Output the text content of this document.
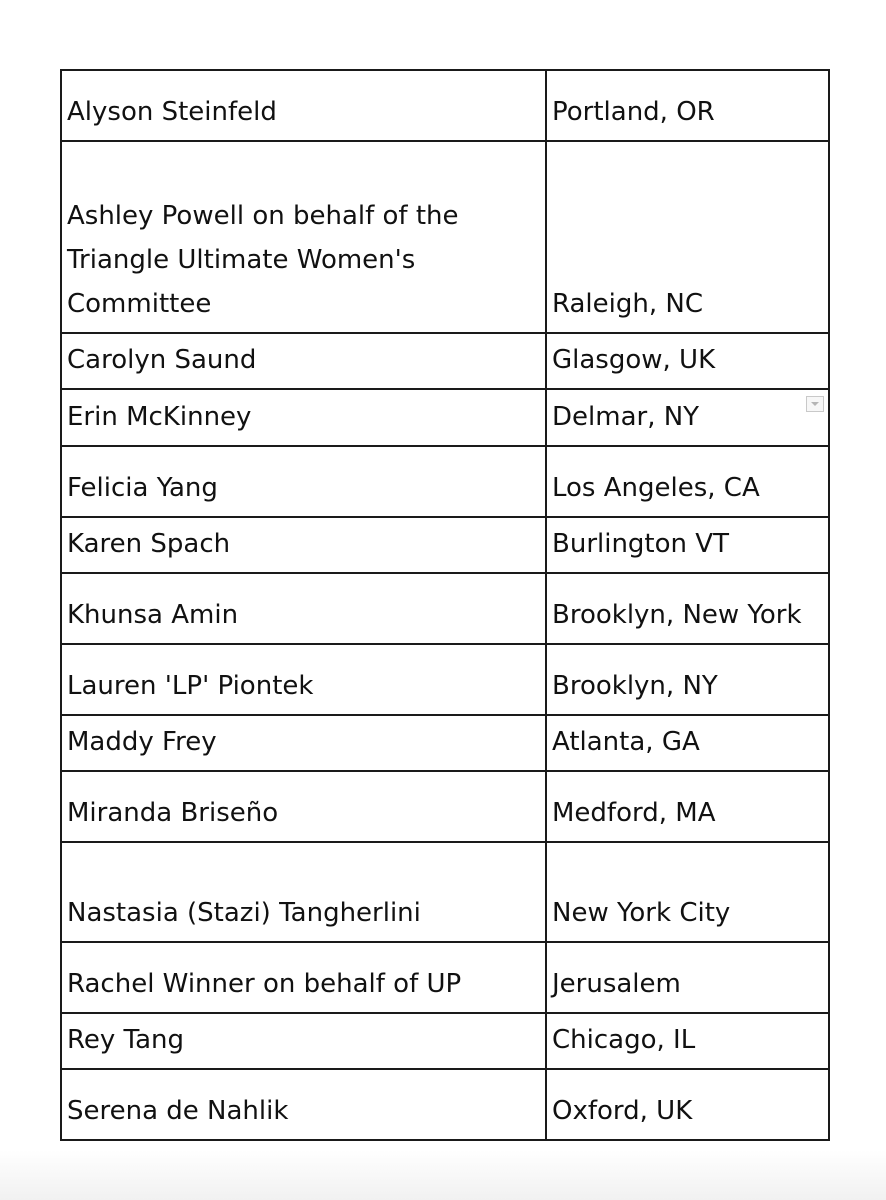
Alyson Steinfeld	Portland, OR
Ashley Powell on behalf of the Triangle Ultimate Women's Committee	Raleigh, NC
Carolyn Saund	Glasgow, UK
Erin McKinney	Delmar, NY

Felicia Yang	Los Angeles, CA
Karen Spach	Burlington VT
Khunsa Amin	Brooklyn, New York
Lauren 'LP' Piontek	Brooklyn, NY
Maddy Frey	Atlanta, GA
Miranda Briseño	Medford, MA
Nastasia (Stazi) Tangherlini	New York City
Rachel Winner on behalf of UP	Jerusalem
Rey Tang	Chicago, IL
Serena de Nahlik	Oxford, UK
